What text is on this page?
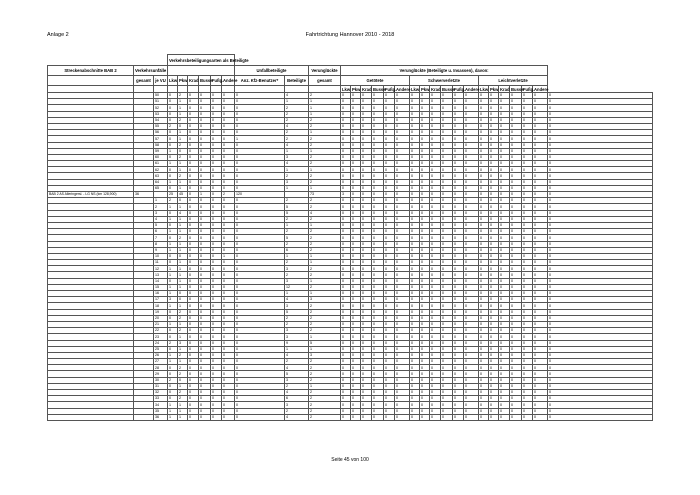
Anlage 2	Fahrtrichtung Hannover 2010 - 2018
			Verkehrsbeteiligungsarten als Beteiligte																											
Streckenabschnitte BAB 2	Verkehrsunfälle								Unfallbeteiligte		Verunglückte	Verunglückte (Beteiligte u. Insassen), davon:																		
	gesamt	je VU	Lkw	Pkw	Krad	Busse	Fußg.	Andere	Anz. Kfz-Benutzer*	Beteiligte	gesamt	Getötete						Schwerverletzte						Leichtverletzte						
												Lkw	Pkw	Krad	Busse	Fußg.	Andere	Lkw	Pkw	Krad	Busse	Fußg.	Andere	Lkw	Pkw	Krad	Busse	Fußg.	Andere	
		50	0	2	0	0	0	0	0	4	2	0	0	0	0	0	0	0	0	0	0	0	0	0	0	0	0	0	0	0
		51	0	1	0	0	0	0	0	1	1	0	0	0	0	0	0	0	0	0	0	0	0	0	0	0	0	0	0	0
		52	0	1	0	0	0	0	0	2	1	0	0	0	0	0	0	0	0	0	0	0	0	0	0	0	0	0	0	0
		53	0	1	0	0	0	0	0	2	1	0	0	0	0	0	0	0	0	0	0	0	0	0	0	0	0	0	0	0
		54	0	2	0	0	0	0	0	2	2	0	0	0	0	0	0	0	0	0	0	0	0	0	0	0	0	0	0	0
		55	2	0	0	0	0	0	0	4	2	0	0	0	0	0	0	0	0	0	0	0	0	0	0	0	0	0	0	0
		56	0	1	0	0	0	0	0	2	1	0	0	0	0	0	0	0	0	0	0	0	0	0	0	0	0	0	0	0
		57	0	1	0	0	0	0	1	2	2	0	0	0	0	0	0	0	0	0	0	0	0	0	0	0	0	0	0	0
		58	0	2	0	0	0	0	0	4	2	0	0	0	0	0	0	0	0	0	0	0	0	0	0	0	0	0	0	0
		59	1	0	0	0	0	0	0	1	1	0	0	0	0	0	0	0	0	0	0	0	0	0	0	0	0	0	0	0
		60	0	2	0	0	0	0	0	3	2	0	0	0	0	0	0	0	0	0	0	0	0	0	0	0	0	0	0	0
		61	1	1	0	0	0	0	0	4	2	0	0	0	0	0	0	0	0	0	0	0	0	0	0	0	0	0	0	0
		62	0	1	0	0	0	0	0	1	1	0	0	0	0	0	0	0	0	0	0	0	0	0	0	0	0	0	0	0
		63	0	2	0	0	0	0	0	2	2	0	0	0	0	0	0	0	0	0	0	0	0	0	0	0	0	0	0	0
		64	1	1	0	0	0	0	0	3	2	0	0	0	0	0	0	0	0	0	0	0	0	0	0	0	0	0	0	0
		65	0	1	0	0	0	0	0	1	1	0	0	0	0	0	0	0	0	0	0	0	0	0	0	0	0	0	0	0
BAB 2 AS Alleringersl. - LG NS (km 128,900)	36		25	45	0	1	0	2	120		73	3	0	0	0	0	0	0	0	0	0	0	0	0	0	0	0	0	0	0
		1	2	0	0	0	0	0	0	2	2	0	0	0	0	0	0	0	0	0	0	0	0	0	0	0	0	0	0	0
		2	1	1	0	0	0	0	0	5	2	0	0	0	0	0	0	0	0	0	0	0	0	0	0	0	0	0	0	0
		3	0	4	0	0	0	0	0	5	4	0	0	0	0	0	0	0	0	0	0	0	0	0	0	0	0	0	0	0
		4	1	1	0	0	0	0	0	2	2	0	0	0	0	0	0	0	0	0	0	0	0	0	0	0	0	0	0	0
		5	0	1	0	0	0	0	0	1	1	0	0	0	0	0	0	0	0	0	0	0	0	0	0	0	0	0	0	0
		6	1	1	0	0	0	0	0	2	2	0	0	0	0	0	0	0	0	0	0	0	0	0	0	0	0	0	0	0
		7	0	2	0	0	0	0	0	5	2	0	0	0	0	0	0	0	0	0	0	0	0	0	0	0	0	0	0	0
		8	1	1	0	0	0	0	0	2	2	0	0	0	0	0	0	0	0	0	0	0	0	0	0	0	0	0	0	0
		9	1	1	0	0	0	0	0	6	2	0	0	0	0	0	0	0	0	0	0	0	0	0	0	0	0	0	0	0
		10	0	0	0	0	0	1	0	1	1	0	0	0	0	0	0	0	0	0	0	0	0	0	0	0	0	0	0	0
		11	0	1	0	0	0	0	0	2	1	0	0	0	0	0	0	0	0	0	0	0	0	0	0	0	0	0	0	0
		12	1	1	0	0	0	0	0	3	2	0	0	0	0	0	0	0	0	0	0	0	0	0	0	0	0	0	0	0
		13	1	1	0	0	0	0	0	2	2	0	0	0	0	0	0	0	0	0	0	0	0	0	0	0	0	0	0	0
		14	0	1	0	0	0	0	0	3	1	0	0	0	0	0	0	0	0	0	0	0	0	0	0	0	0	0	0	0
		15	1	1	0	0	0	0	0	12	2	0	0	0	0	0	0	0	0	0	0	0	0	0	0	0	0	0	0	0
		16	1	0	0	0	0	0	0	1	1	0	0	0	0	0	0	0	0	0	0	0	0	0	0	0	0	0	0	0
		17	3	0	0	0	0	0	0	4	3	0	0	0	0	0	0	0	0	0	0	0	0	0	0	0	0	0	0	0
		18	1	1	0	0	0	0	0	3	2	0	0	0	0	0	0	0	0	0	0	0	0	0	0	0	0	0	0	0
		19	0	2	0	0	0	0	0	5	2	0	0	0	0	0	0	0	0	0	0	0	0	0	0	0	0	0	0	0
		20	0	2	0	0	0	0	0	2	2	0	0	0	0	0	0	0	0	0	0	0	0	0	0	0	0	0	0	0
		21	1	1	0	0	0	0	0	2	2	0	0	0	0	0	0	0	0	0	0	0	0	0	0	0	0	0	0	0
		22	0	2	0	0	0	0	0	3	2	0	0	0	0	0	0	0	0	0	0	0	0	0	0	0	0	0	0	0
		23	0	1	0	0	0	0	0	3	1	0	0	0	0	0	0	0	0	0	0	0	0	0	0	0	0	0	0	0
		24	2	3	0	0	0	0	0	9	5	0	0	0	0	0	0	0	0	0	0	0	0	0	0	0	0	0	0	0
		25	0	1	0	0	0	0	0	1	1	0	0	0	0	0	0	0	0	0	0	0	0	0	0	0	0	0	0	0
		26	1	2	0	0	0	0	0	4	3	0	0	0	0	0	0	0	0	0	0	0	0	0	0	0	0	0	0	0
		27	1	1	0	0	0	0	0	2	2	0	0	0	0	0	0	0	0	0	0	0	0	0	0	0	0	0	0	0
		28	0	2	0	0	0	0	0	4	2	0	0	0	0	0	0	0	0	0	0	0	0	0	0	0	0	0	0	0
		29	0	2	0	0	0	0	0	5	2	0	0	0	0	0	0	0	0	0	0	0	0	0	0	0	0	0	0	0
		30	2	0	0	0	0	0	0	3	2	0	0	0	0	0	0	0	0	0	0	0	0	0	0	0	0	0	0	0
		31	0	1	0	0	0	0	0	2	1	0	0	0	0	0	0	0	0	0	0	0	0	0	0	0	0	0	0	0
		32	0	2	0	0	0	0	0	4	2	0	0	0	0	0	0	0	0	0	0	0	0	0	0	0	0	0	0	0
		33	0	2	0	0	0	0	0	6	2	0	0	0	0	0	0	0	0	0	0	0	0	0	0	0	0	0	0	0
		34	1	1	0	0	0	0	0	3	2	0	0	0	0	0	0	0	0	0	0	0	0	0	0	0	0	0	0	0
		35	1	1	0	0	0	0	0	2	2	0	0	0	0	0	0	0	0	0	0	0	0	0	0	0	0	0	0	0
		36	1	1	0	0	0	0	0	4	2	0	0	0	0	0	0	0	0	0	0	0	0	0	0	0	0	0	0	0
Seite 45 von 100
